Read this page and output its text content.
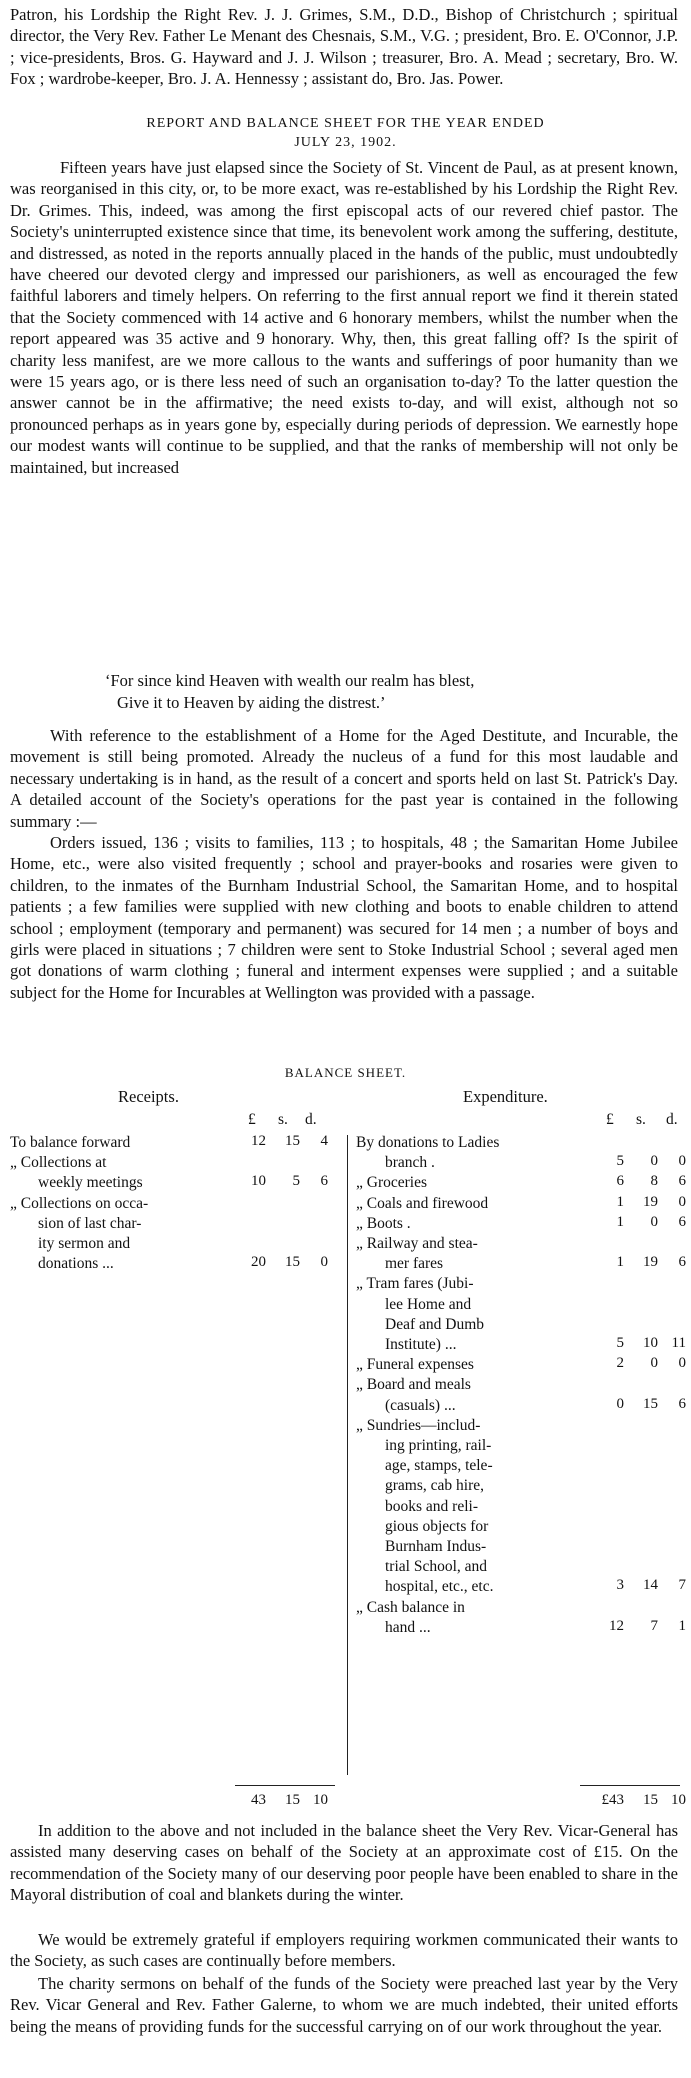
Patron, his Lordship the Right Rev. J. J. Grimes, S.M., D.D., Bishop of Christchurch ; spiritual director, the Very Rev. Father Le Menant des Chesnais, S.M., V.G. ; president, Bro. E. O'Connor, J.P. ; vice-presidents, Bros. G. Hayward and J. J. Wilson ; treasurer, Bro. A. Mead ; secretary, Bro. W. Fox ; wardrobe-keeper, Bro. J. A. Hennessy ; assistant do, Bro. Jas. Power.

REPORT AND BALANCE SHEET FOR THE YEAR ENDED
JULY 23, 1902.

Fifteen years have just elapsed since the Society of St. Vincent de Paul, as at present known, was reorganised in this city, or, to be more exact, was re-established by his Lordship the Right Rev. Dr. Grimes. This, indeed, was among the first episcopal acts of our revered chief pastor. The Society's uninterrupted existence since that time, its benevolent work among the suffering, destitute, and distressed, as noted in the reports annually placed in the hands of the public, must undoubtedly have cheered our devoted clergy and impressed our parishioners, as well as encouraged the few faithful laborers and timely helpers. On referring to the first annual report we find it therein stated that the Society commenced with 14 active and 6 honorary members, whilst the number when the report appeared was 35 active and 9 honorary. Why, then, this great falling off? Is the spirit of charity less manifest, are we more callous to the wants and sufferings of poor humanity than we were 15 years ago, or is there less need of such an organisation to-day? To the latter question the answer cannot be in the affirmative; the need exists to-day, and will exist, although not so pronounced perhaps as in years gone by, especially during periods of depression. We earnestly hope our modest wants will continue to be supplied, and that the ranks of membership will not only be maintained, but increased

‘For since kind Heaven with wealth our realm has blest,
Give it to Heaven by aiding the distrest.’

With reference to the establishment of a Home for the Aged Destitute, and Incurable, the movement is still being promoted. Already the nucleus of a fund for this most laudable and necessary undertaking is in hand, as the result of a concert and sports held on last St. Patrick's Day. A detailed account of the Society's operations for the past year is contained in the following summary :—

Orders issued, 136 ; visits to families, 113 ; to hospitals, 48 ; the Samaritan Home Jubilee Home, etc., were also visited frequently ; school and prayer-books and rosaries were given to children, to the inmates of the Burnham Industrial School, the Samaritan Home, and to hospital patients ; a few families were supplied with new clothing and boots to enable children to attend school ; employment (temporary and permanent) was secured for 14 men ; a number of boys and girls were placed in situations ; 7 children were sent to Stoke Industrial School ; several aged men got donations of warm clothing ; funeral and interment expenses were supplied ; and a suitable subject for the Home for Incurables at Wellington was provided with a passage.

BALANCE SHEET.
Receipts.	Expenditure.
£ s. d.	£ s. d.
To balance forward	12	15	4
„ Collections at
weekly meetings	10	5	6
„ Collections on occa-
sion of last char-
ity sermon and
donations ...	20	15	0
By donations to Ladies
branch .	5	0	0
„ Groceries	6	8	6
„ Coals and firewood	1	19	0
„ Boots .	1	0	6
„ Railway and stea-
mer fares	1	19	6
„ Tram fares (Jubi-
lee Home and
Deaf and Dumb
Institute) ...	5	10 11
„ Funeral expenses	2	0	0
„ Board and meals
(casuals) ...	0	15	6
„ Sundries—includ-
ing printing, rail-
age, stamps, tele-
grams, cab hire,
books and reli-
gious objects for
Burnham Indus-
trial School, and
hospital, etc., etc.	3	14	7
„ Cash balance in
hand ...	12	7	1
43	15 10	£43	15 10

In addition to the above and not included in the balance sheet the Very Rev. Vicar-General has assisted many deserving cases on behalf of the Society at an approximate cost of £15. On the recommendation of the Society many of our deserving poor people have been enabled to share in the Mayoral distribution of coal and blankets during the winter.

We would be extremely grateful if employers requiring workmen communicated their wants to the Society, as such cases are continually before members.

The charity sermons on behalf of the funds of the Society were preached last year by the Very Rev. Vicar General and Rev. Father Galerne, to whom we are much indebted, their united efforts being the means of providing funds for the successful carrying on of our work throughout the year.
